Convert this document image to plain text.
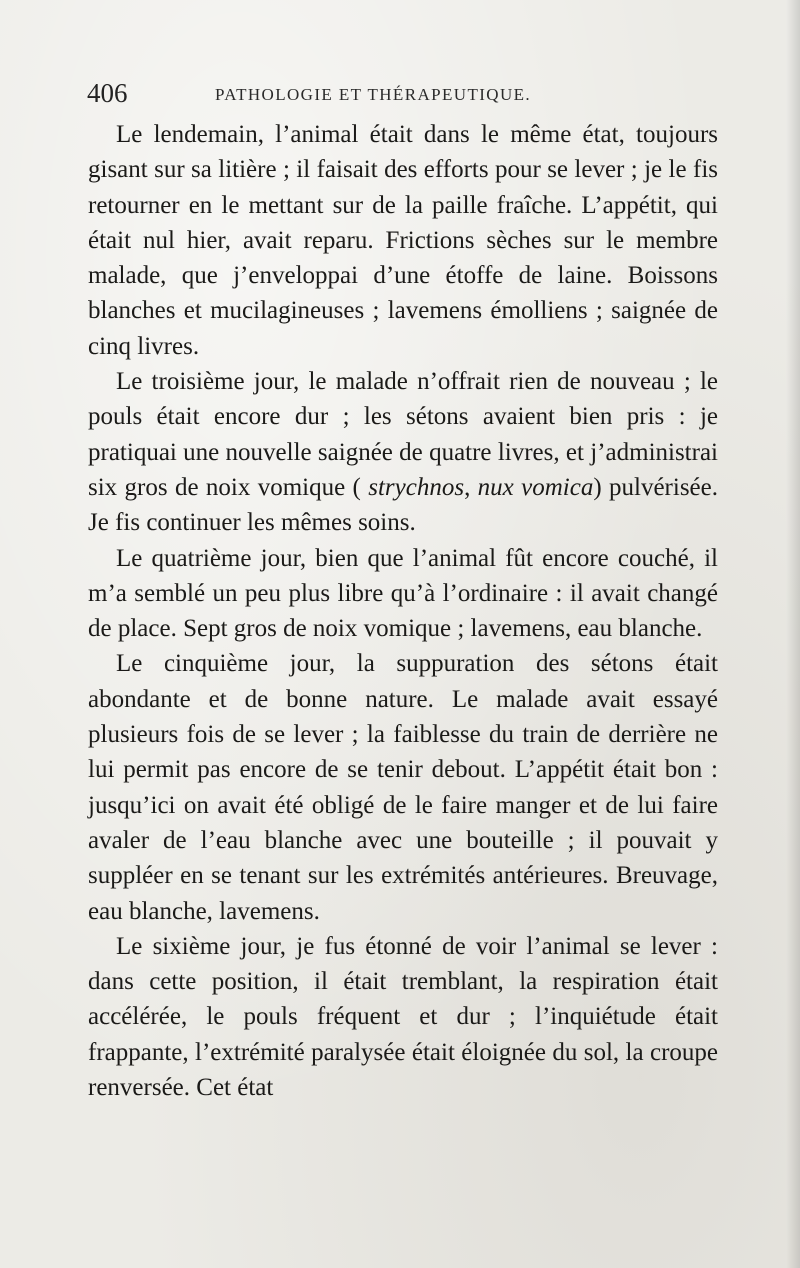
406	PATHOLOGIE ET THÉRAPEUTIQUE.

Le lendemain, l’animal était dans le même état, toujours gisant sur sa litière ; il faisait des efforts pour se lever ; je le fis retourner en le mettant sur de la paille fraîche. L’appétit, qui était nul hier, avait reparu. Frictions sèches sur le membre malade, que j’enveloppai d’une étoffe de laine. Boissons blanches et mucilagineuses ; lavemens émolliens ; saignée de cinq livres.

Le troisième jour, le malade n’offrait rien de nouveau ; le pouls était encore dur ; les sétons avaient bien pris : je pratiquai une nouvelle saignée de quatre livres, et j’administrai six gros de noix vomique ( strychnos, nux vomica) pulvérisée. Je fis continuer les mêmes soins.

Le quatrième jour, bien que l’animal fût encore couché, il m’a semblé un peu plus libre qu’à l’ordinaire : il avait changé de place. Sept gros de noix vomique ; lavemens, eau blanche.

Le cinquième jour, la suppuration des sétons était abondante et de bonne nature. Le malade avait essayé plusieurs fois de se lever ; la faiblesse du train de derrière ne lui permit pas encore de se tenir debout. L’appétit était bon : jusqu’ici on avait été obligé de le faire manger et de lui faire avaler de l’eau blanche avec une bouteille ; il pouvait y suppléer en se tenant sur les extrémités antérieures. Breuvage, eau blanche, lavemens.

Le sixième jour, je fus étonné de voir l’animal se lever : dans cette position, il était tremblant, la respiration était accélérée, le pouls fréquent et dur ; l’inquiétude était frappante, l’extrémité paralysée était éloignée du sol, la croupe renversée. Cet état
